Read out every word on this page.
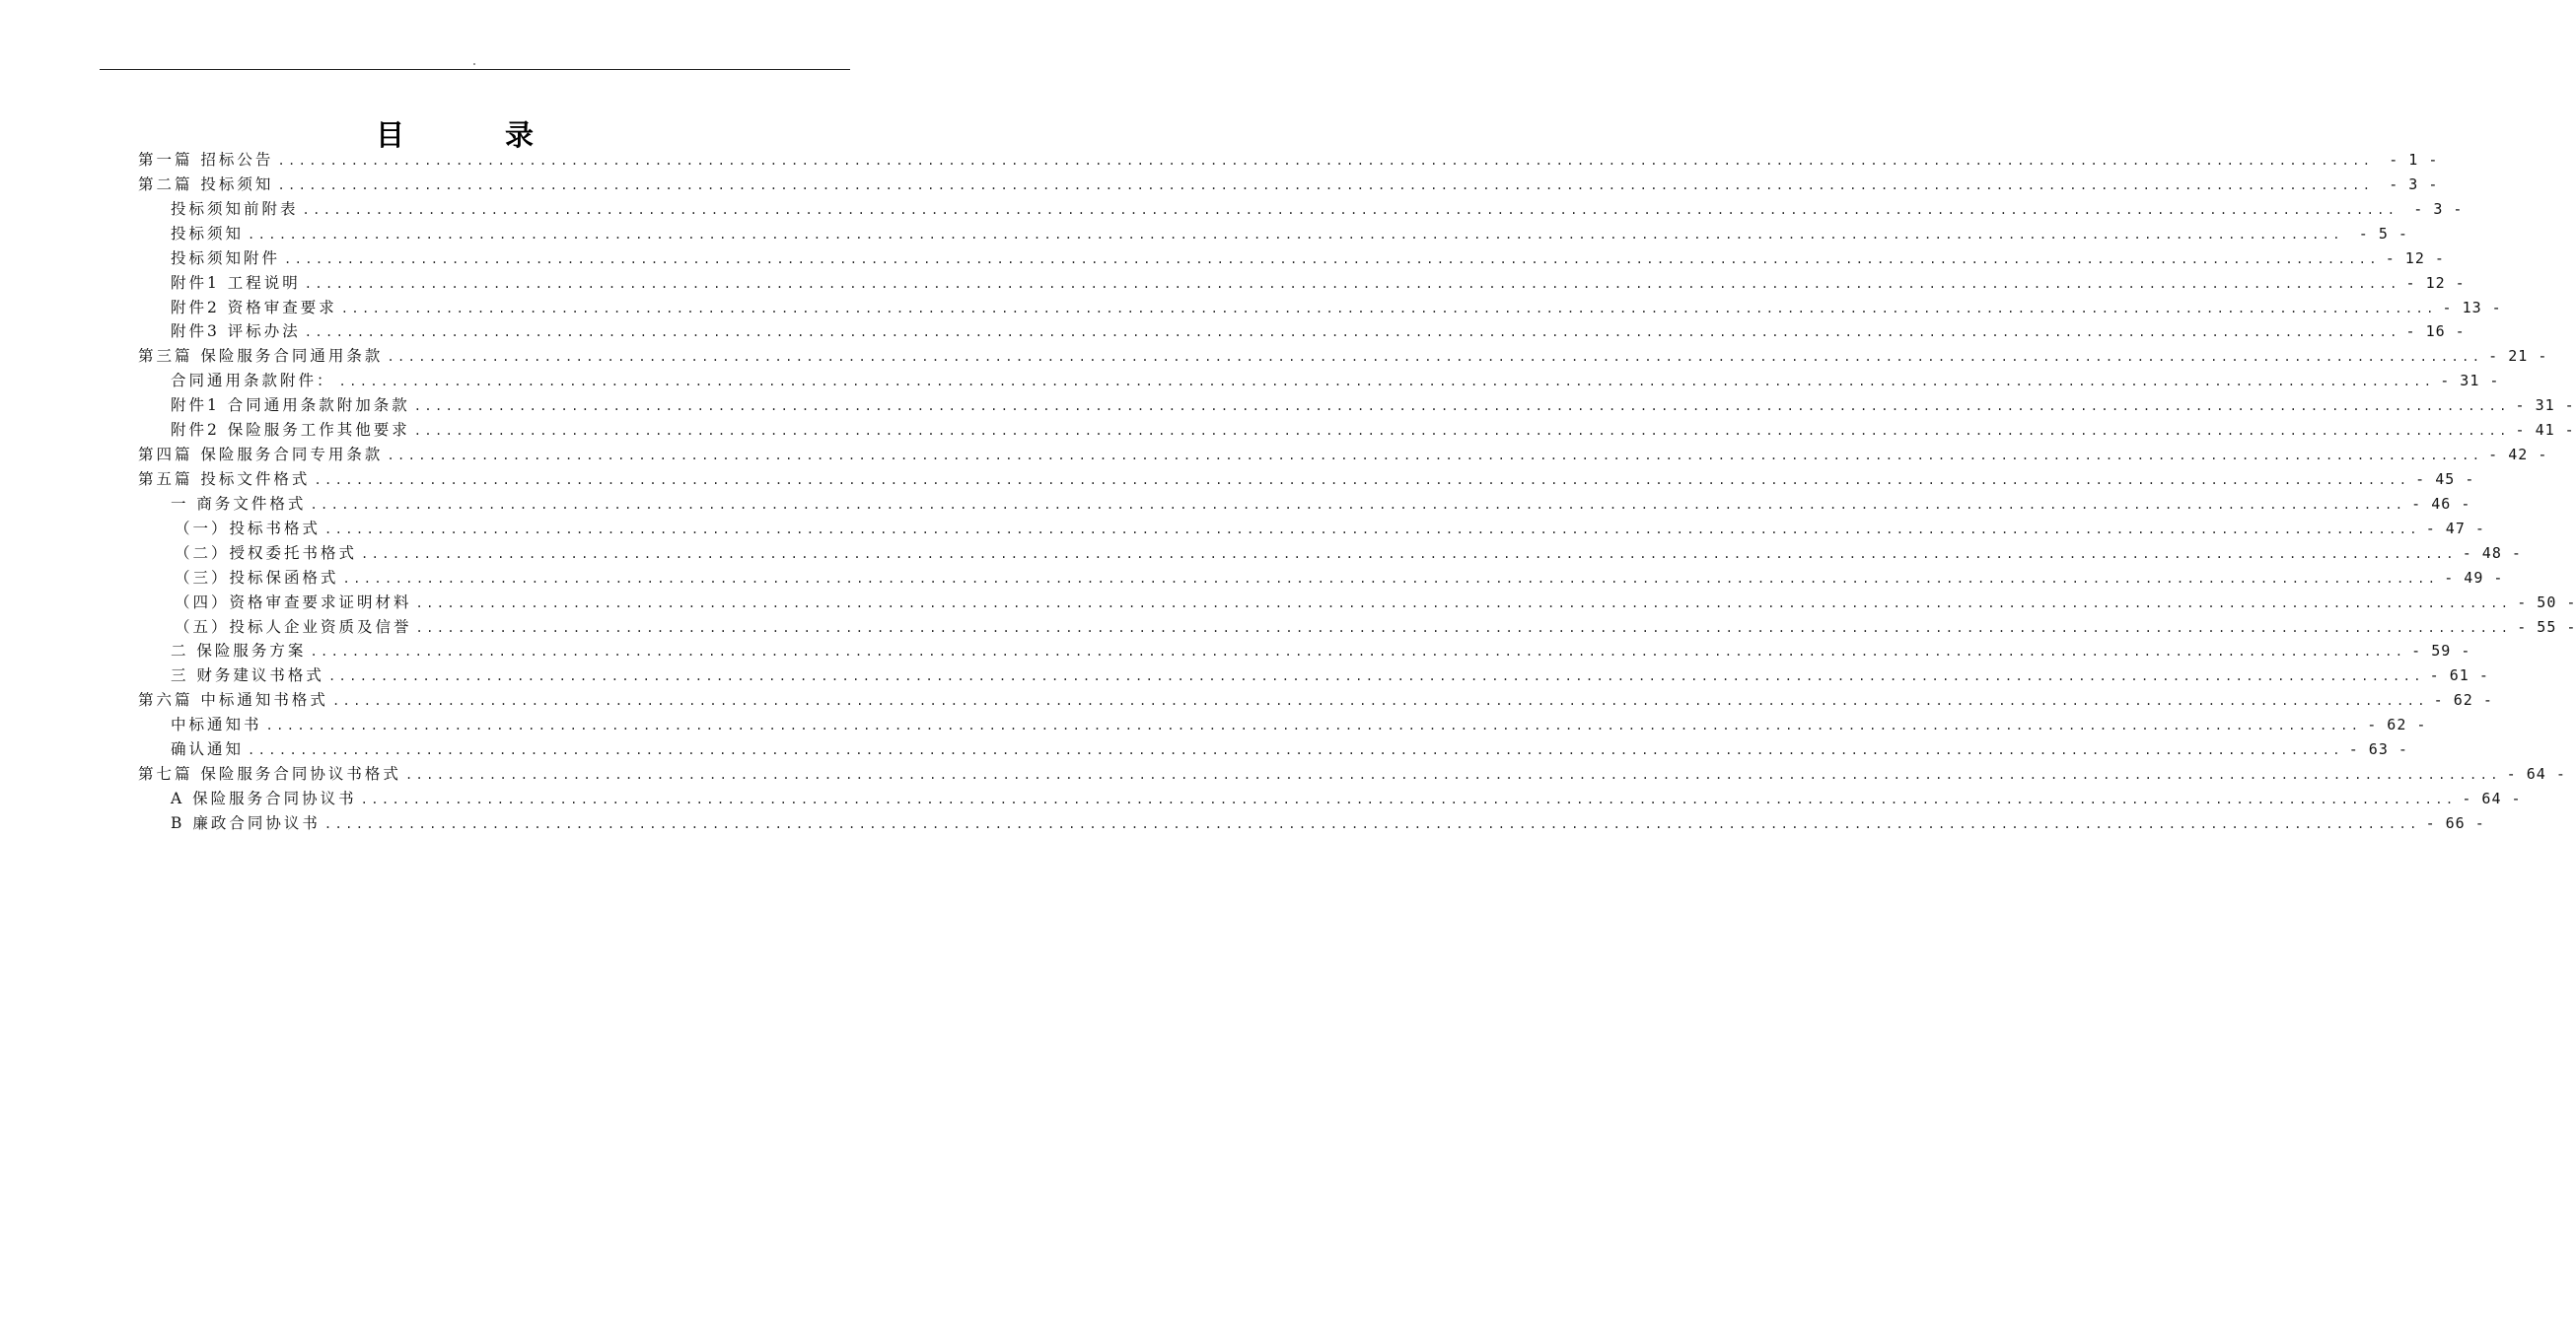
目 录
第一篇 招标公告 ........................................................................................................................................................................................................	- 1 -
第二篇 投标须知 ........................................................................................................................................................................................................	- 3 -
投标须知前附表 ........................................................................................................................................................................................................	- 3 -
投标须知 ........................................................................................................................................................................................................	- 5 -
投标须知附件 ........................................................................................................................................................................................................ - 12 -
附件1 工程说明 ........................................................................................................................................................................................................ - 12 -
附件2 资格审查要求 ........................................................................................................................................................................................................ - 13 -
附件3 评标办法 ........................................................................................................................................................................................................ - 16 -
第三篇 保险服务合同通用条款 ........................................................................................................................................................................................................ - 21 -
合同通用条款附件： ........................................................................................................................................................................................................ - 31 -
附件1 合同通用条款附加条款 ........................................................................................................................................................................................................ - 31 -
附件2 保险服务工作其他要求 ........................................................................................................................................................................................................ - 41 -
第四篇 保险服务合同专用条款 ........................................................................................................................................................................................................ - 42 -
第五篇 投标文件格式 ........................................................................................................................................................................................................ - 45 -
一 商务文件格式 ........................................................................................................................................................................................................ - 46 -
（一）投标书格式 ........................................................................................................................................................................................................ - 47 -
（二）授权委托书格式 ........................................................................................................................................................................................................ - 48 -
（三）投标保函格式 ........................................................................................................................................................................................................ - 49 -
（四）资格审查要求证明材料 ........................................................................................................................................................................................................ - 50 -
（五）投标人企业资质及信誉 ........................................................................................................................................................................................................ - 55 -
二 保险服务方案 ........................................................................................................................................................................................................ - 59 -
三 财务建议书格式 ........................................................................................................................................................................................................ - 61 -
第六篇 中标通知书格式 ........................................................................................................................................................................................................ - 62 -
中标通知书 ........................................................................................................................................................................................................ - 62 -
确认通知 ........................................................................................................................................................................................................ - 63 -
第七篇 保险服务合同协议书格式 ........................................................................................................................................................................................................ - 64 -
A 保险服务合同协议书 ........................................................................................................................................................................................................ - 64 -
B 廉政合同协议书 ........................................................................................................................................................................................................ - 66 -
